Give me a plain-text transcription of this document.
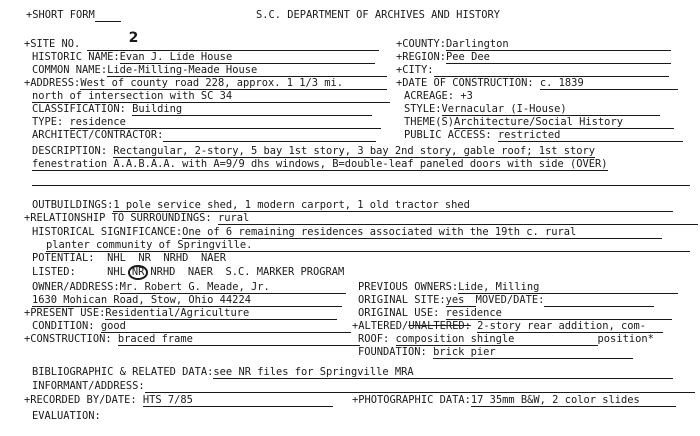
+SHORT FORM	S.C. DEPARTMENT OF ARCHIVES AND HISTORY
+SITE NO.	2	+COUNTY:Darlington
HISTORIC NAME:Evan J. Lide House	+REGION:Pee Dee
COMMON NAME:Lide-Milling-Meade House	+CITY:
+ADDRESS:West of county road 228, approx. 1 1/3 mi.	+DATE OF CONSTRUCTION: c. 1839
north of intersection with SC 34	ACREAGE: +3
CLASSIFICATION: Building	STYLE:Vernacular (I-House)
TYPE: residence	THEME(S)Architecture/Social History
ARCHITECT/CONTRACTOR:	PUBLIC ACCESS: restricted
DESCRIPTION: Rectangular, 2-story, 5 bay 1st story, 3 bay 2nd story, gable roof; 1st story
fenestration A.A.B.A.A. with A=9/9 dhs windows, B=double-leaf paneled doors with side (OVER)
OUTBUILDINGS:1 pole service shed, 1 modern carport, 1 old tractor shed
+RELATIONSHIP TO SURROUNDINGS: rural
HISTORICAL SIGNIFICANCE:One of 6 remaining residences associated with the 19th c. rural
planter community of Springville.
POTENTIAL: NHL NR NRHD NAER
LISTED:	NHL NR NRHD  NAER  S.C. MARKER PROGRAM
OWNER/ADDRESS:Mr. Robert G. Meade, Jr.	PREVIOUS OWNERS:Lide, Milling
1630 Mohican Road, Stow, Ohio 44224	ORIGINAL SITE:yes MOVED/DATE:
+PRESENT USE:Residential/Agriculture	ORIGINAL USE: residence
CONDITION: good	+ALTERED/UNALTERED: 2-story rear addition, com-
+CONSTRUCTION: braced frame	ROOF: composition shingle	position*
FOUNDATION: brick pier
BIBLIOGRAPHIC & RELATED DATA:see NR files for Springville MRA
INFORMANT/ADDRESS:
+RECORDED BY/DATE: HTS 7/85	+PHOTOGRAPHIC DATA:17 35mm B&W, 2 color slides
EVALUATION:
